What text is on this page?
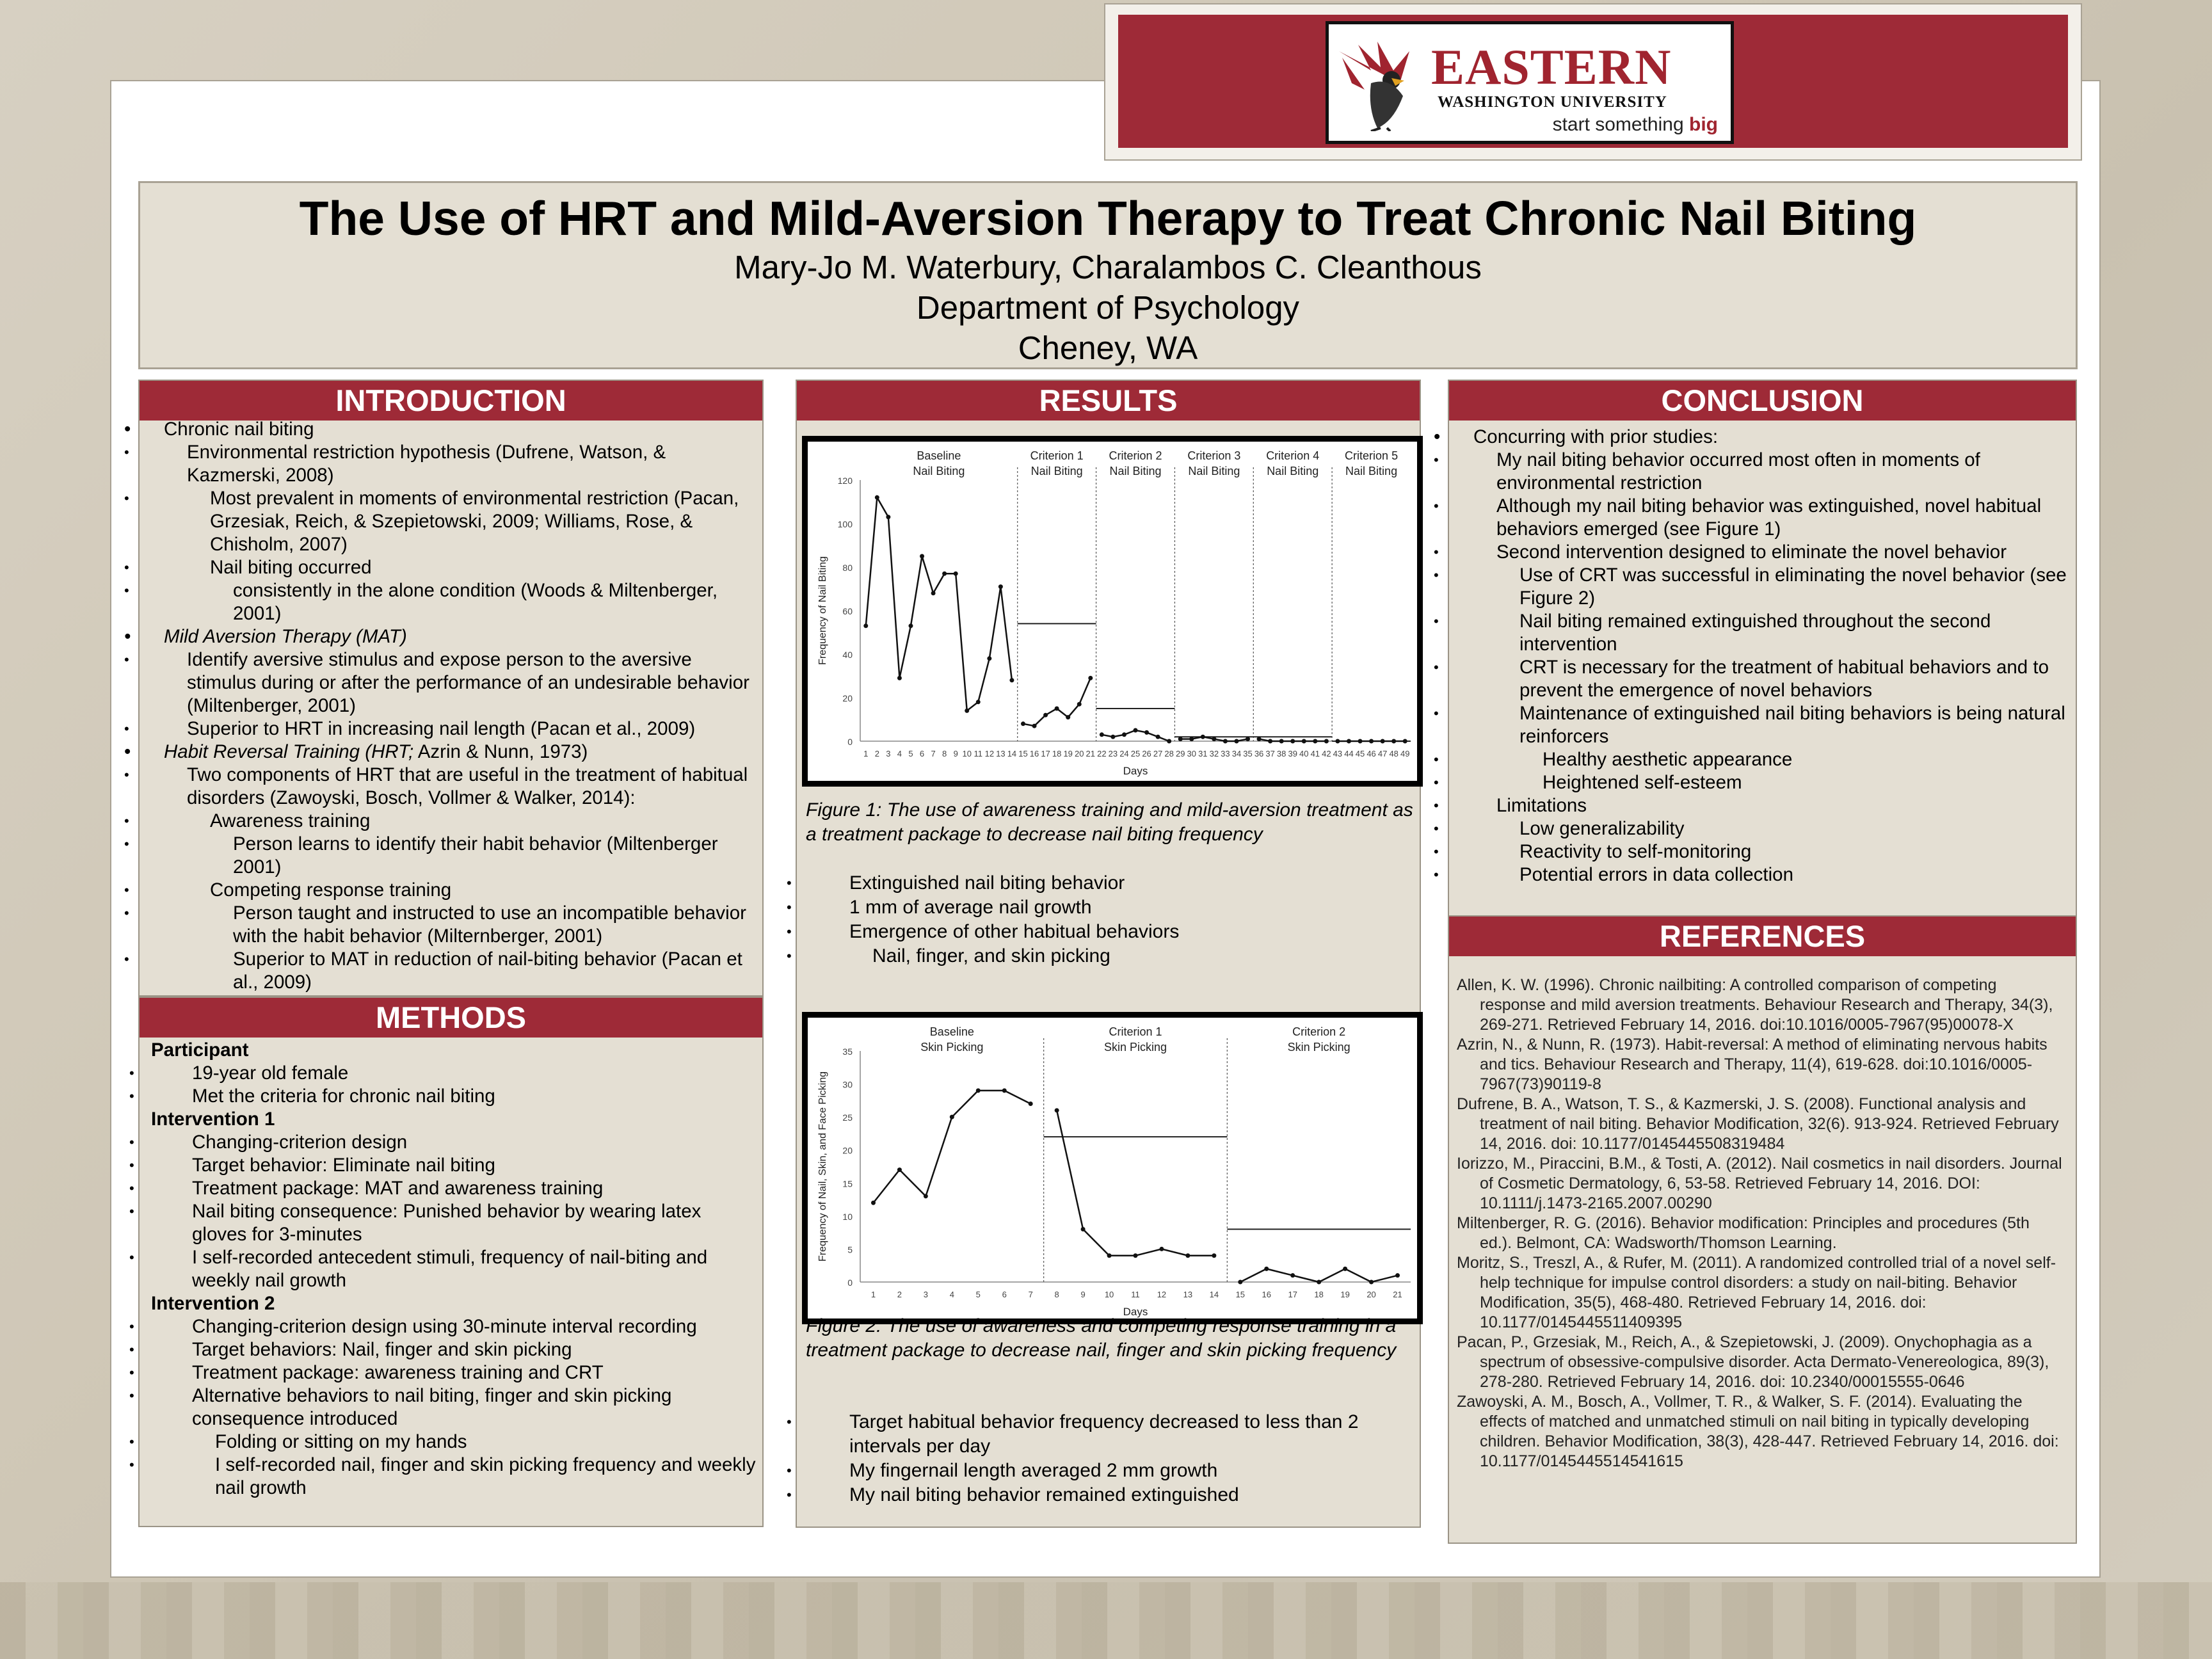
EASTERN
WASHINGTON UNIVERSITY
start something big
The Use of HRT and Mild-Aversion Therapy to Treat Chronic Nail Biting
Mary-Jo M. Waterbury, Charalambos C. Cleanthous
Department of Psychology
Cheney, WA
INTRODUCTION
• Chronic nail biting
• Environmental restriction hypothesis (Dufrene, Watson, & Kazmerski, 2008)
• Most prevalent in moments of environmental restriction (Pacan, Grzesiak, Reich, & Szepietowski, 2009; Williams, Rose, & Chisholm, 2007)
• Nail biting occurred
• consistently in the alone condition (Woods & Miltenberger, 2001)
• Mild Aversion Therapy (MAT)
• Identify aversive stimulus and expose person to the aversive stimulus during or after the performance of an undesirable behavior (Miltenberger, 2001)
• Superior to HRT in increasing nail length (Pacan et al., 2009)
• Habit Reversal Training (HRT; Azrin & Nunn, 1973)
• Two components of HRT that are useful in the treatment of habitual disorders (Zawoyski, Bosch, Vollmer & Walker, 2014):
• Awareness training
• Person learns to identify their habit behavior (Miltenberger 2001)
• Competing response training
• Person taught and instructed to use an incompatible behavior with the habit behavior (Milternberger, 2001)
• Superior to MAT in reduction of nail-biting behavior (Pacan et al., 2009)
METHODS
Participant
• 19-year old female
• Met the criteria for chronic nail biting
Intervention 1
• Changing-criterion design
• Target behavior: Eliminate nail biting
• Treatment package: MAT and awareness training
• Nail biting consequence: Punished behavior by wearing latex gloves for 3-minutes
• I self-recorded antecedent stimuli, frequency of nail-biting and weekly nail growth
Intervention 2
• Changing-criterion design using 30-minute interval recording
• Target behaviors: Nail, finger and skin picking
• Treatment package: awareness training and CRT
• Alternative behaviors to nail biting, finger and skin picking consequence introduced
• Folding or sitting on my hands
• I self-recorded nail, finger and skin picking frequency and weekly nail growth
RESULTS
0
20
40
60
80
100
120
1 2 3 4 5 6 7 8 9 10 11 12 13 14 15 16 17 18 19 20 21 22 23 24 25 26 27 28 29 30 31 32 33 34 35 36 37 38 39 40 41 42 43 44 45 46 47 48 49
Days
Frequency of Nail Biting
Baseline
Nail Biting
Criterion 1
Nail Biting
Criterion 2
Nail Biting
Criterion 3
Nail Biting
Criterion 4
Nail Biting
Criterion 5
Nail Biting
Figure 1: The use of awareness training and mild-aversion treatment as a treatment package to decrease nail biting frequency
• Extinguished nail biting behavior
• 1 mm of average nail growth
• Emergence of other habitual behaviors
• Nail, finger, and skin picking
0
5
10
15
20
25
30
35
1	2	3	4	5	6	7	8	9 10 11 12 13 14 15 16 17 18 19 20 21
Days
Frequency of Nail, Skin, and Face Picking
Baseline
Skin Picking
Criterion 1
Skin Picking
Criterion 2
Skin Picking
Figure 2: The use of awareness and competing response training in a treatment package to decrease nail, finger and skin picking frequency
• Target habitual behavior frequency decreased to less than 2 intervals per day
• My fingernail length averaged 2 mm growth
• My nail biting behavior remained extinguished
CONCLUSION
• Concurring with prior studies:
• My nail biting behavior occurred most often in moments of environmental restriction
• Although my nail biting behavior was extinguished, novel habitual behaviors emerged (see Figure 1)
• Second intervention designed to eliminate the novel behavior
• Use of CRT was successful in eliminating the novel behavior (see Figure 2)
• Nail biting remained extinguished throughout the second intervention
• CRT is necessary for the treatment of habitual behaviors and to prevent the emergence of novel behaviors
• Maintenance of extinguished nail biting behaviors is being natural reinforcers
• Healthy aesthetic appearance
• Heightened self-esteem
• Limitations
• Low generalizability
• Reactivity to self-monitoring
• Potential errors in data collection
REFERENCES

Allen, K. W. (1996). Chronic nailbiting: A controlled comparison of competing response and mild aversion treatments. Behaviour Research and Therapy, 34(3), 269-271. Retrieved February 14, 2016. doi:10.1016/0005-7967(95)00078-X

Azrin, N., & Nunn, R. (1973). Habit-reversal: A method of eliminating nervous habits and tics. Behaviour Research and Therapy, 11(4), 619-628. doi:10.1016/0005-7967(73)90119-8

Dufrene, B. A., Watson, T. S., & Kazmerski, J. S. (2008). Functional analysis and treatment of nail biting. Behavior Modification, 32(6). 913-924. Retrieved February 14, 2016. doi: 10.1177/0145445508319484

Iorizzo, M., Piraccini, B.M., & Tosti, A. (2012). Nail cosmetics in nail disorders. Journal of Cosmetic Dermatology, 6, 53-58. Retrieved February 14, 2016. DOI: 10.1111/j.1473-2165.2007.00290

Miltenberger, R. G. (2016). Behavior modification: Principles and procedures (5th ed.). Belmont, CA: Wadsworth/Thomson Learning.

Moritz, S., Treszl, A., & Rufer, M. (2011). A randomized controlled trial of a novel self-help technique for impulse control disorders: a study on nail-biting. Behavior Modification, 35(5), 468-480. Retrieved February 14, 2016. doi: 10.1177/0145445511409395

Pacan, P., Grzesiak, M., Reich, A., & Szepietowski, J. (2009). Onychophagia as a spectrum of obsessive-compulsive disorder. Acta Dermato-Venereologica, 89(3), 278-280. Retrieved February 14, 2016. doi: 10.2340/00015555-0646

Zawoyski, A. M., Bosch, A., Vollmer, T. R., & Walker, S. F. (2014). Evaluating the effects of matched and unmatched stimuli on nail biting in typically developing children. Behavior Modification, 38(3), 428-447. Retrieved February 14, 2016. doi: 10.1177/0145445514541615
